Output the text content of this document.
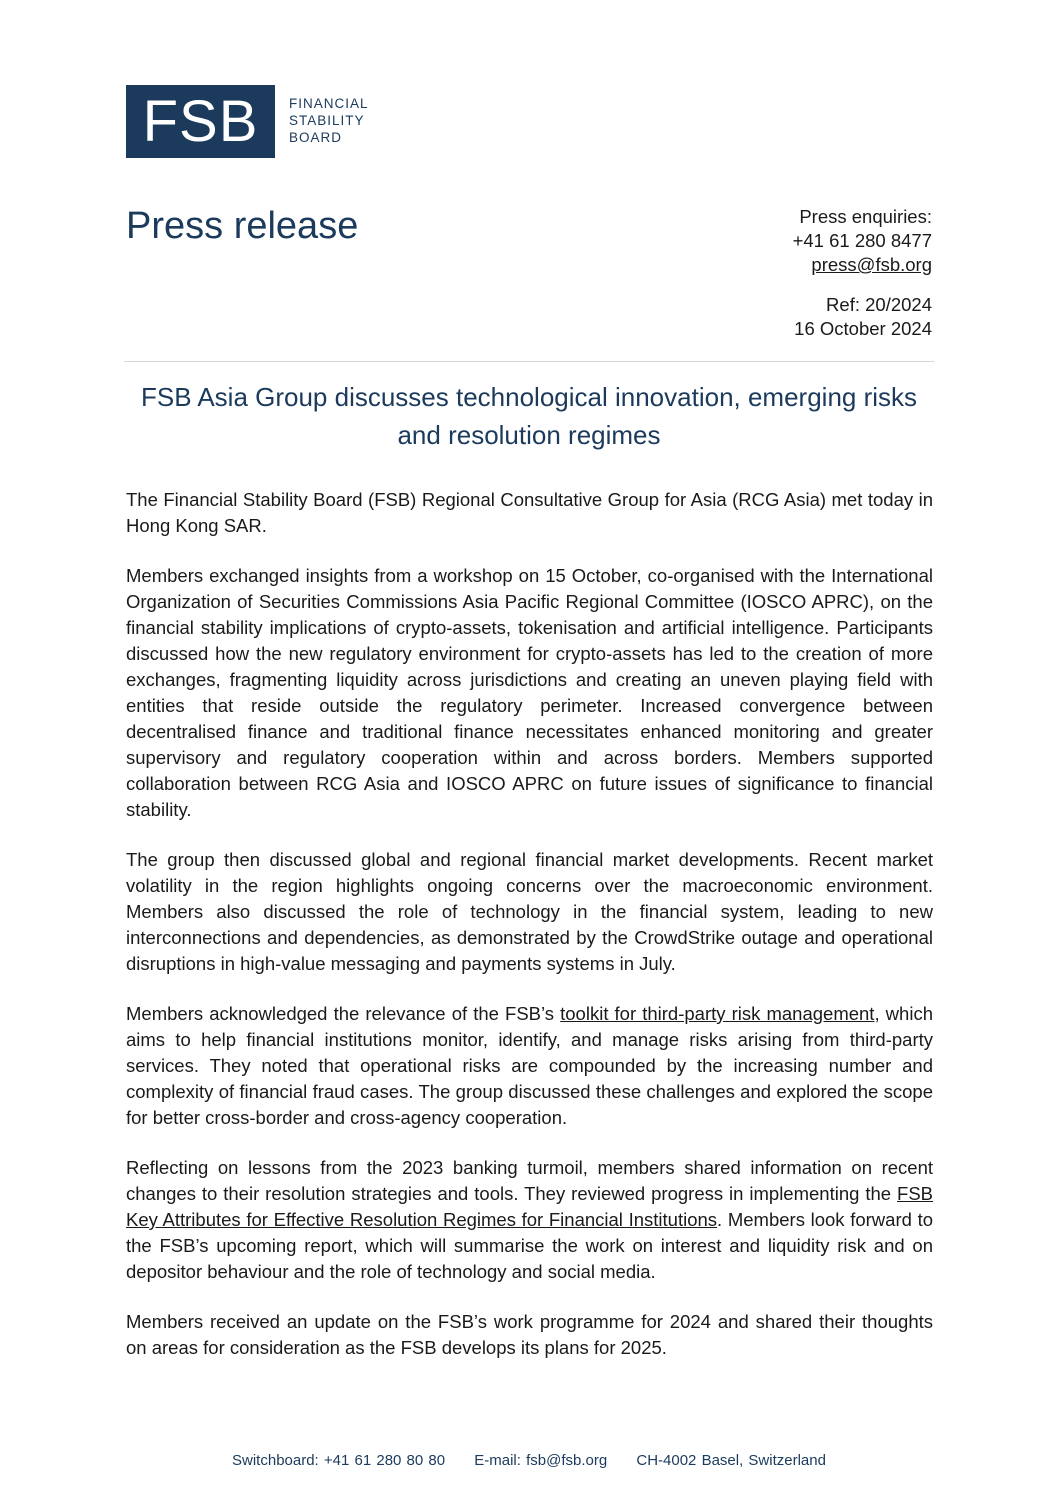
FSB	FINANCIAL
STABILITY
BOARD
Press release	Press enquiries:
+41 61 280 8477
press@fsb.org
Ref: 20/2024
16 October 2024
FSB Asia Group discusses technological innovation, emerging risks and resolution regimes

The Financial Stability Board (FSB) Regional Consultative Group for Asia (RCG Asia) met today in Hong Kong SAR.

Members exchanged insights from a workshop on 15 October, co-organised with the International Organization of Securities Commissions Asia Pacific Regional Committee (IOSCO APRC), on the financial stability implications of crypto-assets, tokenisation and artificial intelligence. Participants discussed how the new regulatory environment for crypto-assets has led to the creation of more exchanges, fragmenting liquidity across jurisdictions and creating an uneven playing field with entities that reside outside the regulatory perimeter. Increased convergence between decentralised finance and traditional finance necessitates enhanced monitoring and greater supervisory and regulatory cooperation within and across borders. Members supported collaboration between RCG Asia and IOSCO APRC on future issues of significance to financial stability.

The group then discussed global and regional financial market developments. Recent market volatility in the region highlights ongoing concerns over the macroeconomic environment. Members also discussed the role of technology in the financial system, leading to new interconnections and dependencies, as demonstrated by the CrowdStrike outage and operational disruptions in high-value messaging and payments systems in July.

Members acknowledged the relevance of the FSB’s toolkit for third-party risk management, which aims to help financial institutions monitor, identify, and manage risks arising from third-party services. They noted that operational risks are compounded by the increasing number and complexity of financial fraud cases. The group discussed these challenges and explored the scope for better cross-border and cross-agency cooperation.

Reflecting on lessons from the 2023 banking turmoil, members shared information on recent changes to their resolution strategies and tools. They reviewed progress in implementing the FSB Key Attributes for Effective Resolution Regimes for Financial Institutions. Members look forward to the FSB’s upcoming report, which will summarise the work on interest and liquidity risk and on depositor behaviour and the role of technology and social media.

Members received an update on the FSB’s work programme for 2024 and shared their thoughts on areas for consideration as the FSB develops its plans for 2025.

Switchboard: +41 61 280 80 80 E-mail: fsb@fsb.org CH-4002 Basel, Switzerland
